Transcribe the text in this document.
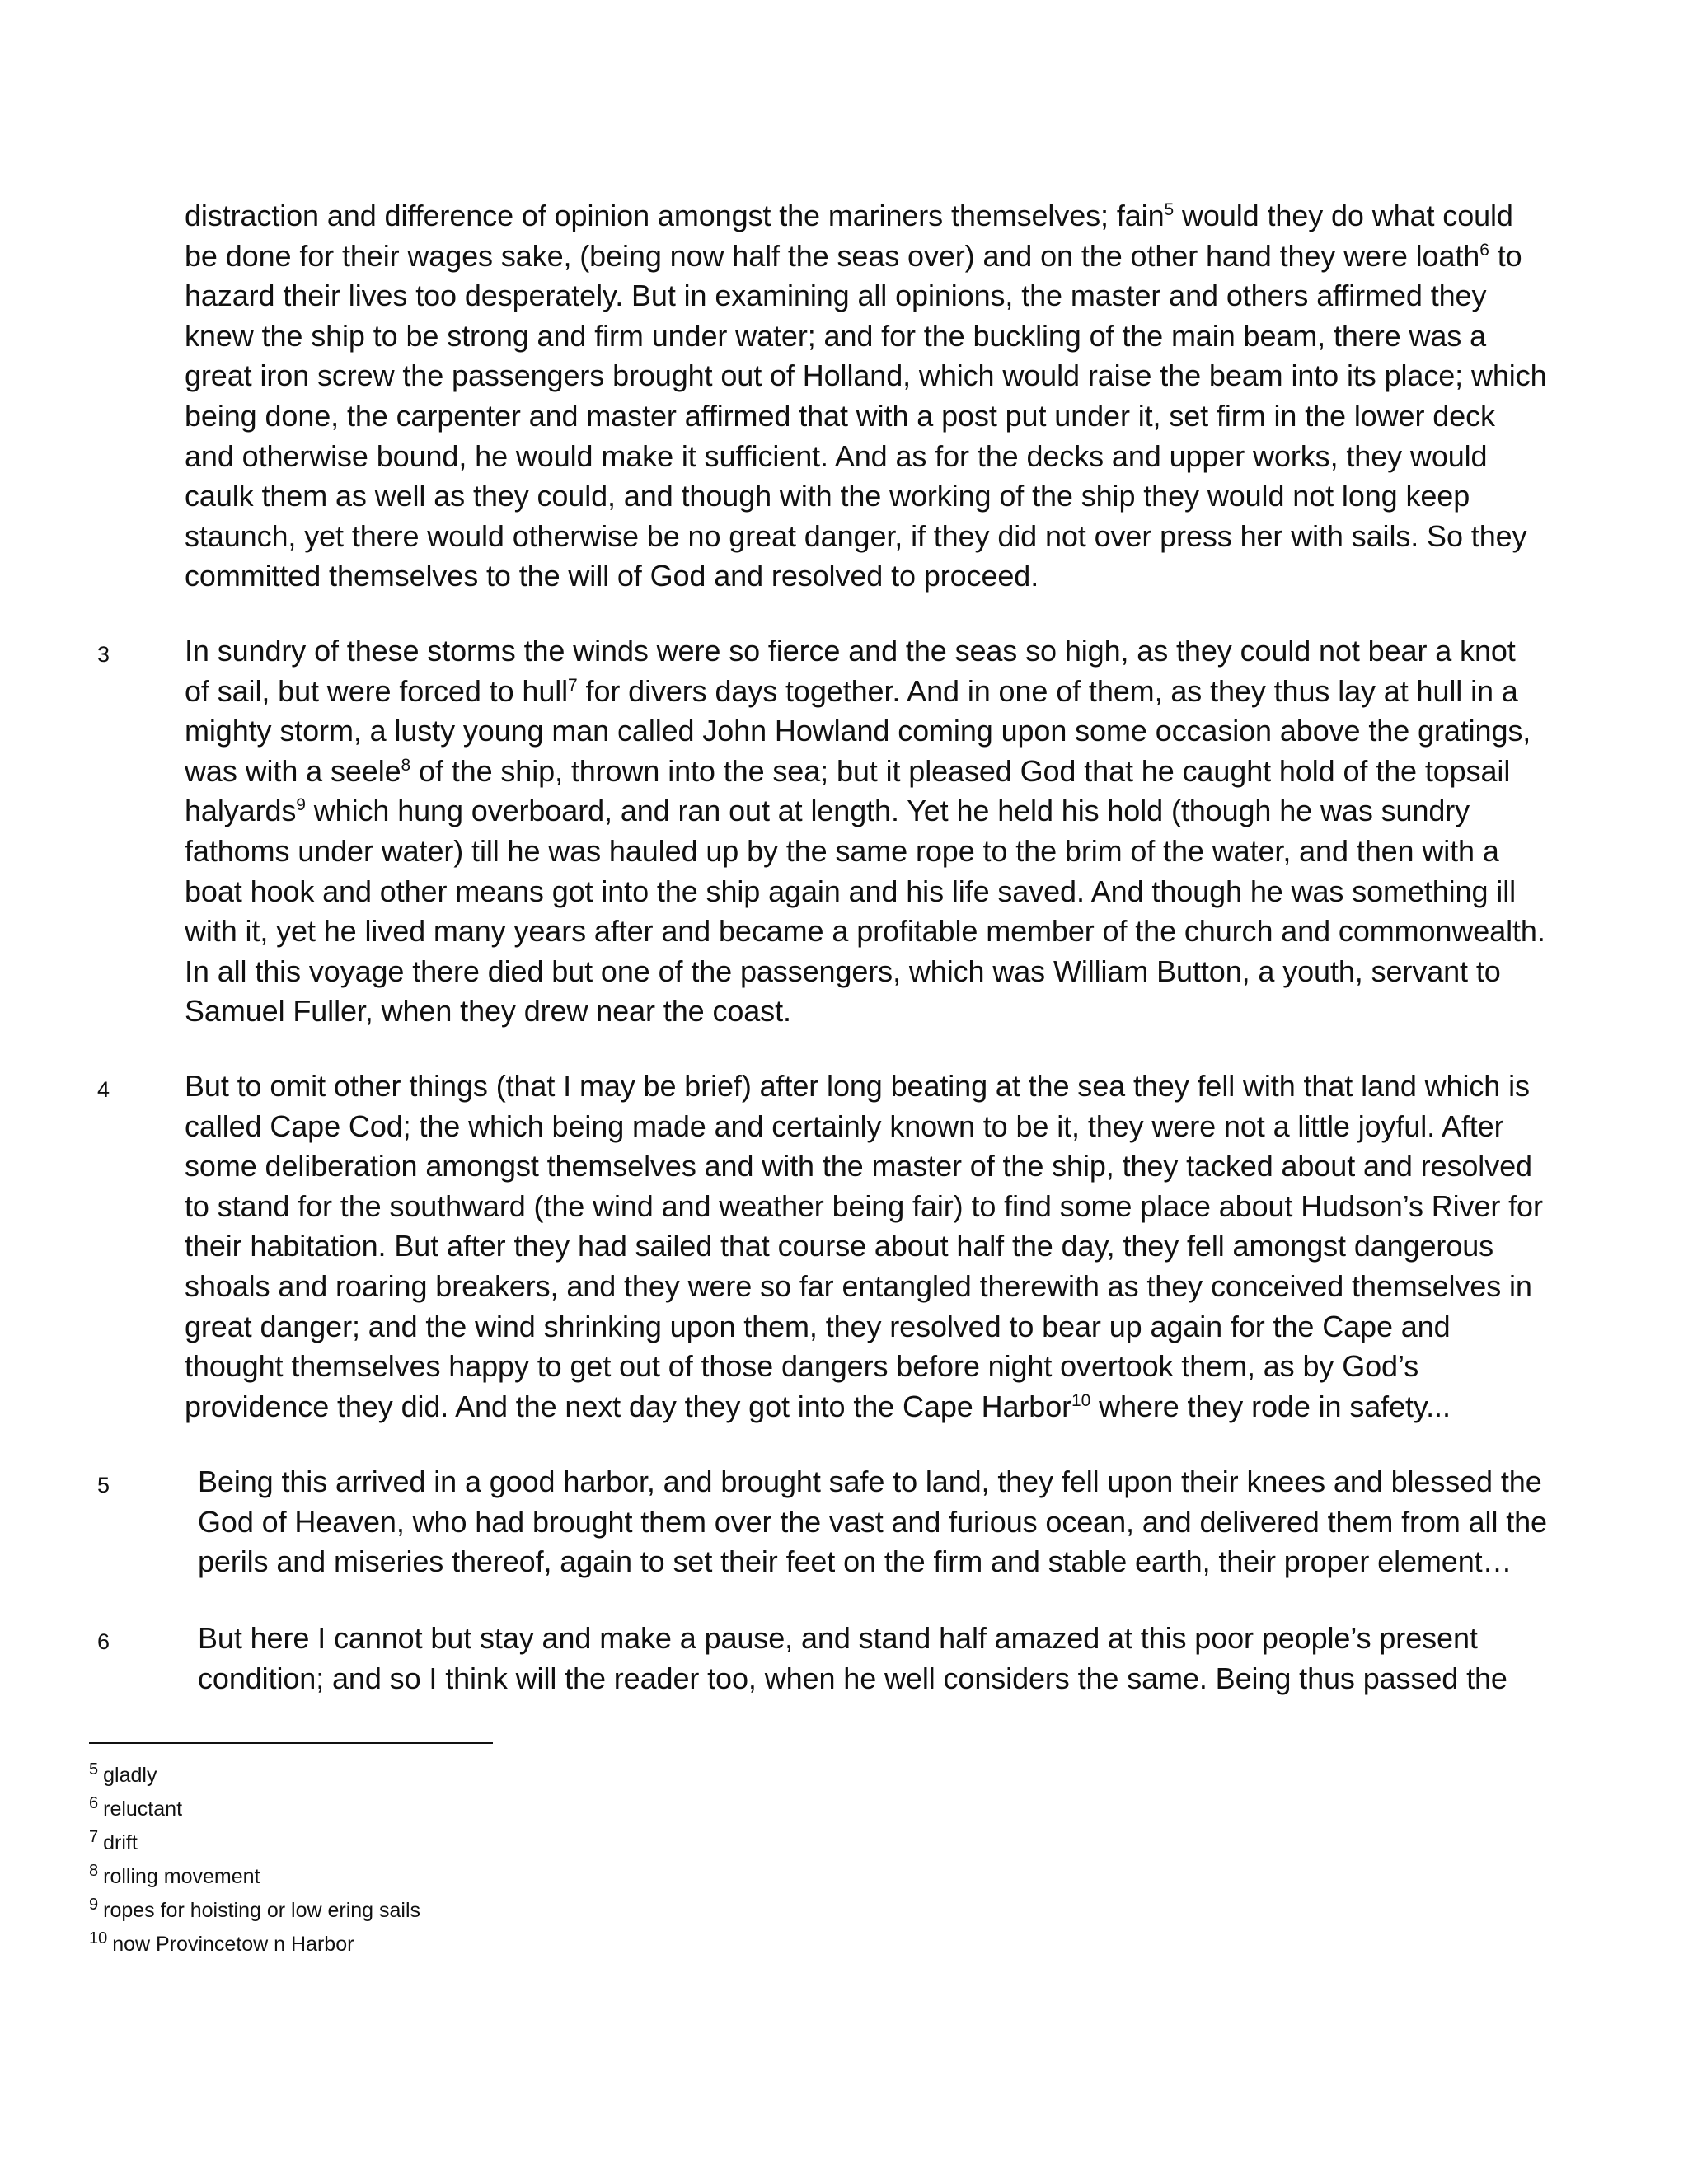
distraction and difference of opinion amongst the mariners themselves; fain$^5$ would they do what could
be done for their wages sake, (being now half the seas over) and on the other hand they were loath$^6$ to
hazard their lives too desperately. But in examining all opinions, the master and others affirmed they
knew the ship to be strong and firm under water; and for the buckling of the main beam, there was a
great iron screw the passengers brought out of Holland, which would raise the beam into its place; which
being done, the carpenter and master affirmed that with a post put under it, set firm in the lower deck
and otherwise bound, he would make it sufficient. And as for the decks and upper works, they would
caulk them as well as they could, and though with the working of the ship they would not long keep
staunch, yet there would otherwise be no great danger, if they did not over press her with sails. So they
committed themselves to the will of God and resolved to proceed.
3	In sundry of these storms the winds were so fierce and the seas so high, as they could not bear a knot
of sail, but were forced to hull$^7$ for divers days together. And in one of them, as they thus lay at hull in a
mighty storm, a lusty young man called John Howland coming upon some occasion above the gratings,
was with a seele$^8$ of the ship, thrown into the sea; but it pleased God that he caught hold of the topsail
halyards$^9$ which hung overboard, and ran out at length. Yet he held his hold (though he was sundry
fathoms under water) till he was hauled up by the same rope to the brim of the water, and then with a
boat hook and other means got into the ship again and his life saved. And though he was something ill
with it, yet he lived many years after and became a profitable member of the church and commonwealth.
In all this voyage there died but one of the passengers, which was William Button, a youth, servant to
Samuel Fuller, when they drew near the coast.
4	But to omit other things (that I may be brief) after long beating at the sea they fell with that land which is
called Cape Cod; the which being made and certainly known to be it, they were not a little joyful. After
some deliberation amongst themselves and with the master of the ship, they tacked about and resolved
to stand for the southward (the wind and weather being fair) to find some place about Hudson’s River for
their habitation. But after they had sailed that course about half the day, they fell amongst dangerous
shoals and roaring breakers, and they were so far entangled therewith as they conceived themselves in
great danger; and the wind shrinking upon them, they resolved to bear up again for the Cape and
thought themselves happy to get out of those dangers before night overtook them, as by God’s
providence they did. And the next day they got into the Cape Harbor$^{10}$ where they rode in safety...
5	Being this arrived in a good harbor, and brought safe to land, they fell upon their knees and blessed the
God of Heaven, who had brought them over the vast and furious ocean, and delivered them from all the
perils and miseries thereof, again to set their feet on the firm and stable earth, their proper element…
6	But here I cannot but stay and make a pause, and stand half amazed at this poor people’s present
condition; and so I think will the reader too, when he well considers the same. Being thus passed the
$^5$ gladly
$^6$ reluctant
$^7$ drift
$^8$ rolling movement
$^9$ ropes for hoisting or low ering sails
$^{10}$ now Provincetow n Harbor
